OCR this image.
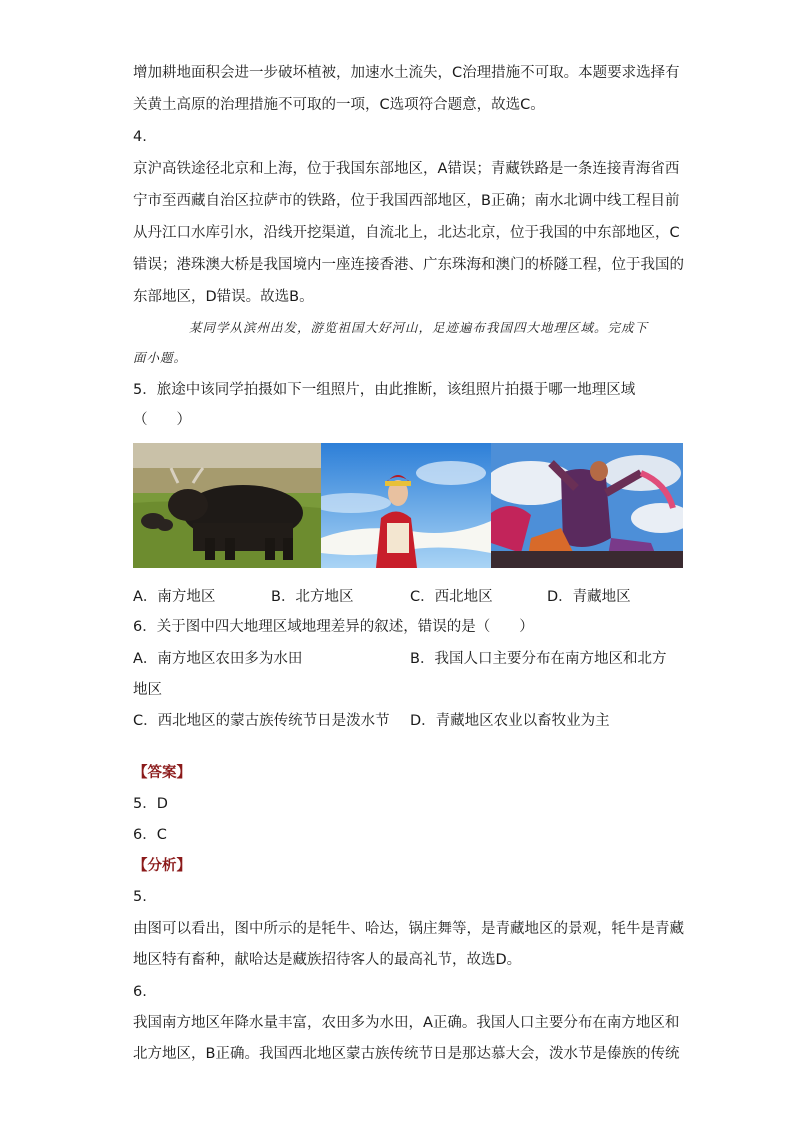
增加耕地面积会进一步破坏植被，加速水土流失，C治理措施不可取。本题要求选择有
关黄土高原的治理措施不可取的一项，C选项符合题意，故选C。
4.
京沪高铁途径北京和上海，位于我国东部地区，A错误；青藏铁路是一条连接青海省西
宁市至西藏自治区拉萨市的铁路，位于我国西部地区，B正确；南水北调中线工程目前
从丹江口水库引水，沿线开挖渠道，自流北上，北达北京，位于我国的中东部地区，C
错误；港珠澳大桥是我国境内一座连接香港、广东珠海和澳门的桥隧工程，位于我国的
东部地区，D错误。故选B。
某同学从滨州出发，游览祖国大好河山，足迹遍布我国四大地理区域。完成下
面小题。
5．旅途中该同学拍摄如下一组照片，由此推断，该组照片拍摄于哪一地理区域
（　　）
A．南方地区	B．北方地区	C．西北地区	D．青藏地区
6．关于图中四大地理区域地理差异的叙述，错误的是（　　）
A．南方地区农田多为水田	B．我国人口主要分布在南方地区和北方
地区
C．西北地区的蒙古族传统节日是泼水节 D．青藏地区农业以畜牧业为主
【答案】
5．D
6．C
【分析】
5.
由图可以看出，图中所示的是牦牛、哈达，锅庄舞等，是青藏地区的景观，牦牛是青藏
地区特有畜种，献哈达是藏族招待客人的最高礼节，故选D。
6.
我国南方地区年降水量丰富，农田多为水田，A正确。我国人口主要分布在南方地区和
北方地区，B正确。我国西北地区蒙古族传统节日是那达慕大会，泼水节是傣族的传统
